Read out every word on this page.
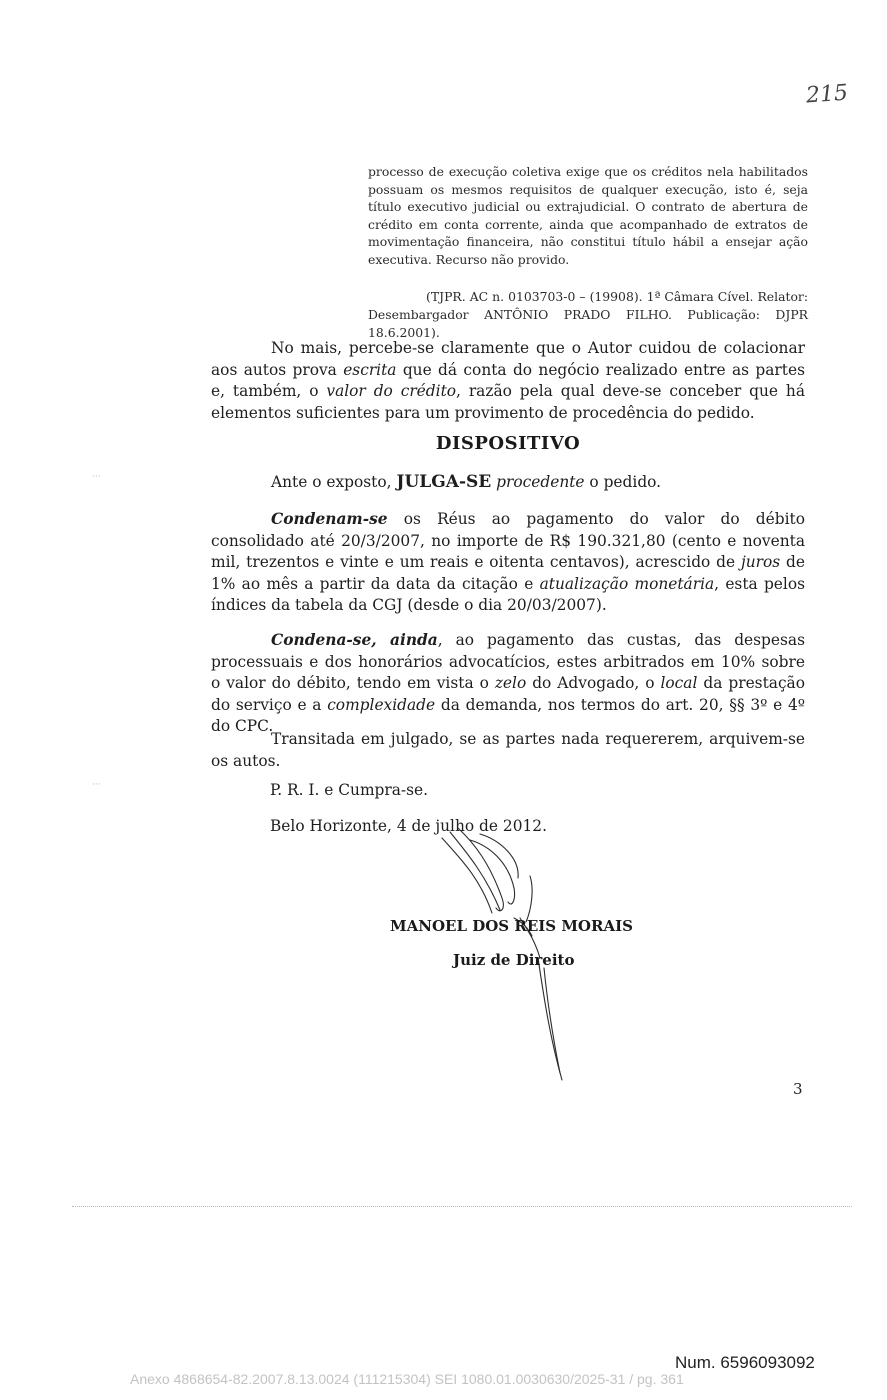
215
processo de execução coletiva exige que os créditos nela habilitados possuam os mesmos requisitos de qualquer execução, isto é, seja título executivo judicial ou extrajudicial. O contrato de abertura de crédito em conta corrente, ainda que acompanhado de extratos de movimentação financeira, não constitui título hábil a ensejar ação executiva. Recurso não provido.
(TJPR. AC n. 0103703-0 – (19908). 1ª Câmara Cível. Relator: Desembargador ANTÔNIO PRADO FILHO. Publicação: DJPR 18.6.2001).
No mais, percebe-se claramente que o Autor cuidou de colacionar aos autos prova escrita que dá conta do negócio realizado entre as partes e, também, o valor do crédito, razão pela qual deve-se conceber que há elementos suficientes para um provimento de procedência do pedido.
DISPOSITIVO
Ante o exposto, JULGA-SE procedente o pedido.
Condenam-se os Réus ao pagamento do valor do débito consolidado até 20/3/2007, no importe de R$ 190.321,80 (cento e noventa mil, trezentos e vinte e um reais e oitenta centavos), acrescido de juros de 1% ao mês a partir da data da citação e atualização monetária, esta pelos índices da tabela da CGJ (desde o dia 20/03/2007).
Condena-se, ainda, ao pagamento das custas, das despesas processuais e dos honorários advocatícios, estes arbitrados em 10% sobre o valor do débito, tendo em vista o zelo do Advogado, o local da prestação do serviço e a complexidade da demanda, nos termos do art. 20, §§ 3º e 4º do CPC.
Transitada em julgado, se as partes nada requererem, arquivem-se os autos.
P. R. I. e Cumpra-se.
Belo Horizonte, 4 de julho de 2012.
MANOEL DOS REIS MORAIS
Juiz de Direito
3
···
···
Num. 6596093092
Anexo 4868654-82.2007.8.13.0024 (111215304) SEI 1080.01.0030630/2025-31 / pg. 361
